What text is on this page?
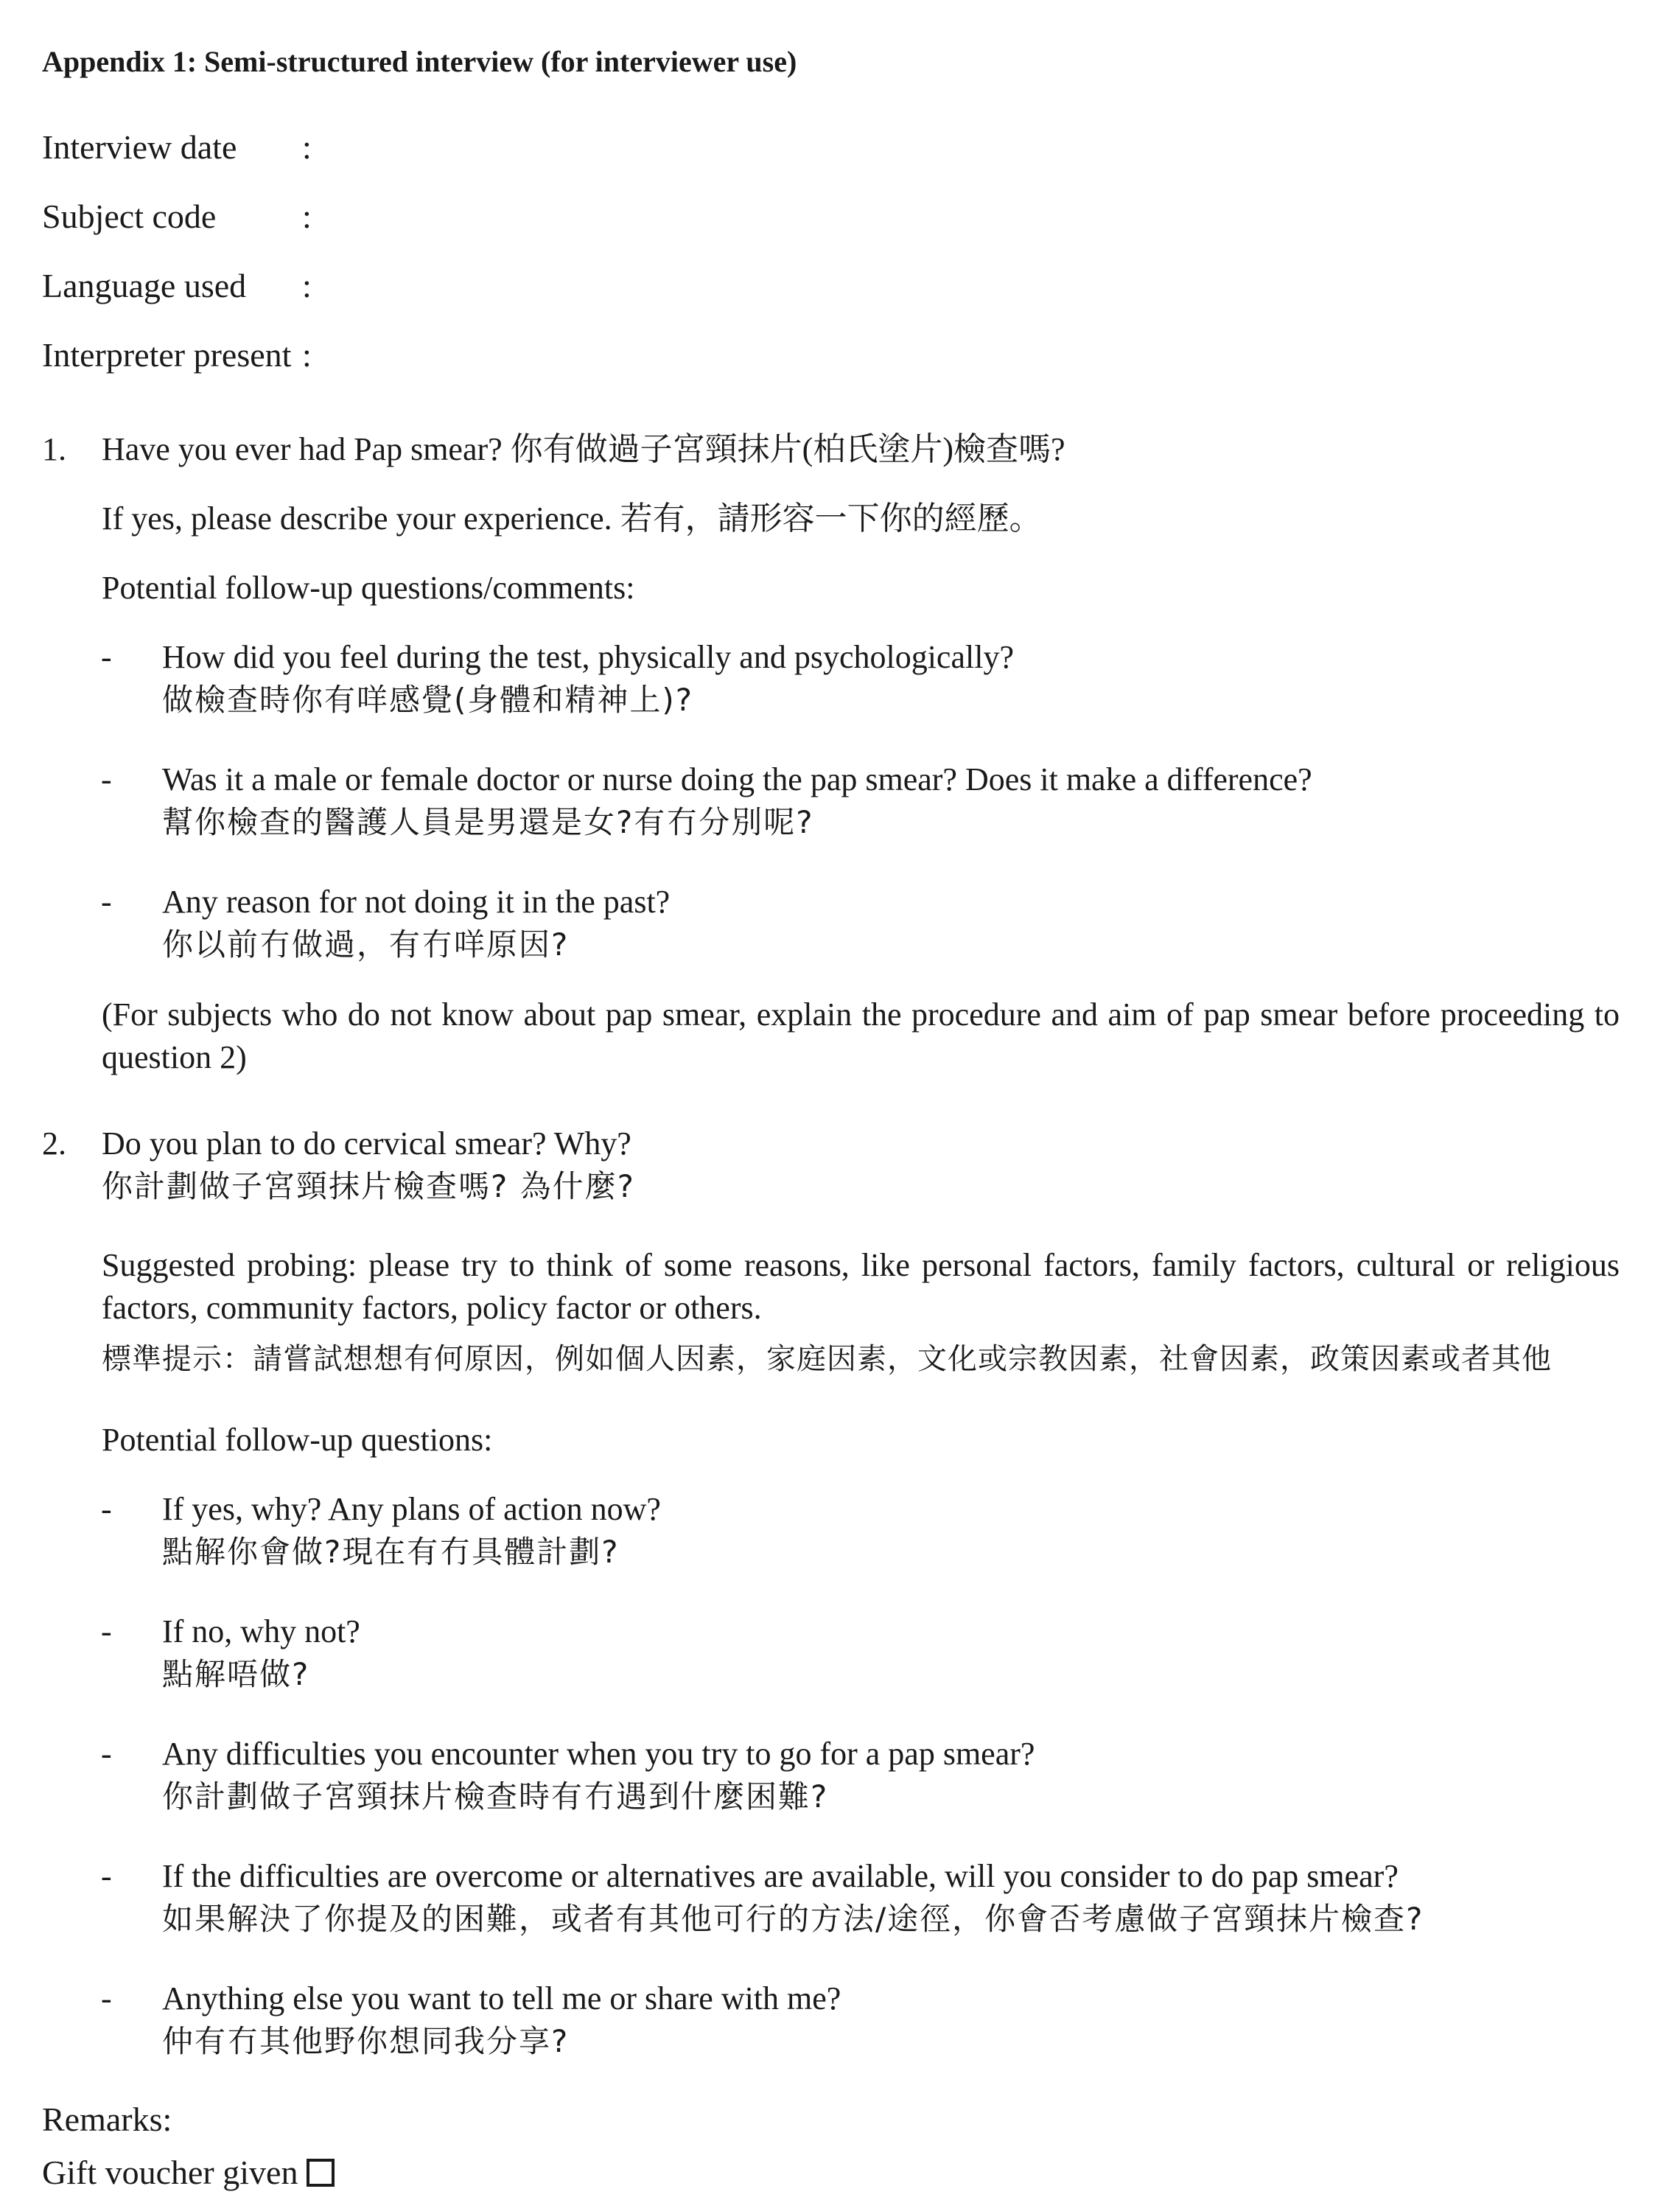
Appendix 1: Semi-structured interview (for interviewer use)
Interview date :
Subject code	:
Language used :
Interpreter present :
1. Have you ever had Pap smear? 你有做過子宮頸抹片(柏氏塗片)檢查嗎?
If yes, please describe your experience. 若有，請形容一下你的經歷。
Potential follow-up questions/comments:
- How did you feel during the test, physically and psychologically?
做檢查時你有咩感覺(身體和精神上)?
- Was it a male or female doctor or nurse doing the pap smear? Does it make a difference?
幫你檢查的醫護人員是男還是女?有冇分別呢?
- Any reason for not doing it in the past?
你以前冇做過，有冇咩原因?
(For subjects who do not know about pap smear, explain the procedure and aim of pap smear before proceeding to question 2)
2. Do you plan to do cervical smear? Why?
你計劃做子宮頸抹片檢查嗎? 為什麼?
Suggested probing: please try to think of some reasons, like personal factors, family factors, cultural or religious factors, community factors, policy factor or others.
標準提示：請嘗試想想有何原因，例如個人因素，家庭因素，文化或宗教因素，社會因素，政策因素或者其他
Potential follow-up questions:
- If yes, why? Any plans of action now?
點解你會做?現在有冇具體計劃?
- If no, why not?
點解唔做?
- Any difficulties you encounter when you try to go for a pap smear?
你計劃做子宮頸抹片檢查時有冇遇到什麼困難?
- If the difficulties are overcome or alternatives are available, will you consider to do pap smear?
如果解決了你提及的困難，或者有其他可行的方法/途徑，你會否考慮做子宮頸抹片檢查?
- Anything else you want to tell me or share with me?
仲有冇其他野你想同我分享?
Remarks:
Gift voucher given
